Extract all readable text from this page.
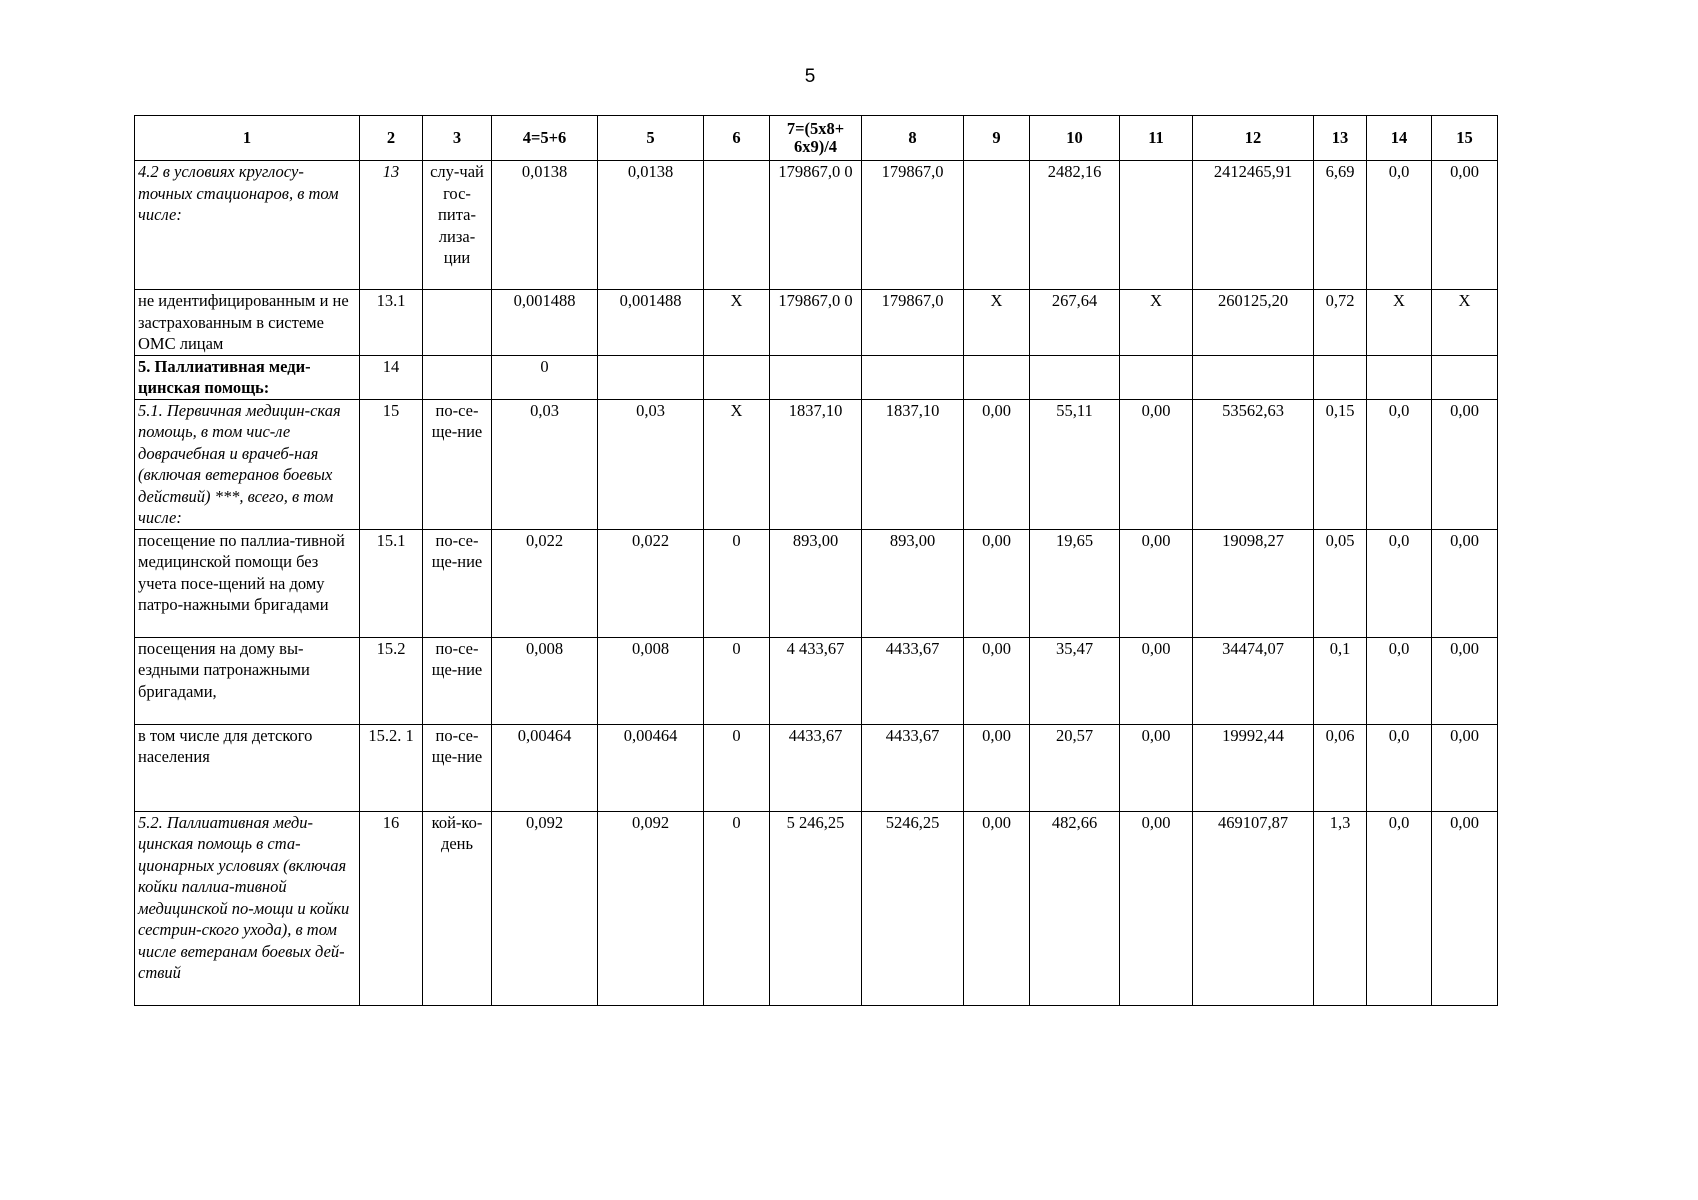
5
1	2	3	4=5+6	5	6	7=(5х8+ 6х9)/4	8	9	10	11	12	13	14	15
4.2 в условиях круглосу-точных стационаров, в том числе:	13	слу-чай гос-пита-лиза-ции	0,0138	0,0138		179867,0 0	179867,0		2482,16		2412465,91	6,69	0,0	0,00
не идентифицированным и не застрахованным в системе ОМС лицам	13.1		0,001488	0,001488	Х	179867,0 0	179867,0	Х	267,64	Х	260125,20	0,72	Х	Х
5. Паллиативная меди-цинская помощь:	14		0											
5.1. Первичная медицин-ская помощь, в том чис-ле доврачебная и врачеб-ная (включая ветеранов боевых действий) ***, всего, в том числе:	15	по-се-ще-ние	0,03	0,03	Х	1837,10	1837,10	0,00	55,11	0,00	53562,63	0,15	0,0	0,00
посещение по паллиа-тивной медицинской помощи без учета посе-щений на дому патро-нажными бригадами	15.1	по-се-ще-ние	0,022	0,022	0	893,00	893,00	0,00	19,65	0,00	19098,27	0,05	0,0	0,00
посещения на дому вы-ездными патронажными бригадами,	15.2	по-се-ще-ние	0,008	0,008	0	4 433,67	4433,67	0,00	35,47	0,00	34474,07	0,1	0,0	0,00
в том числе для детского населения	15.2. 1	по-се-ще-ние	0,00464	0,00464	0	4433,67	4433,67	0,00	20,57	0,00	19992,44	0,06	0,0	0,00
5.2. Паллиативная меди-цинская помощь в ста-ционарных условиях (включая койки паллиа-тивной медицинской по-мощи и койки сестрин-ского ухода), в том числе ветеранам боевых дей-ствий	16	кой-ко-день	0,092	0,092	0	5 246,25	5246,25	0,00	482,66	0,00	469107,87	1,3	0,0	0,00
